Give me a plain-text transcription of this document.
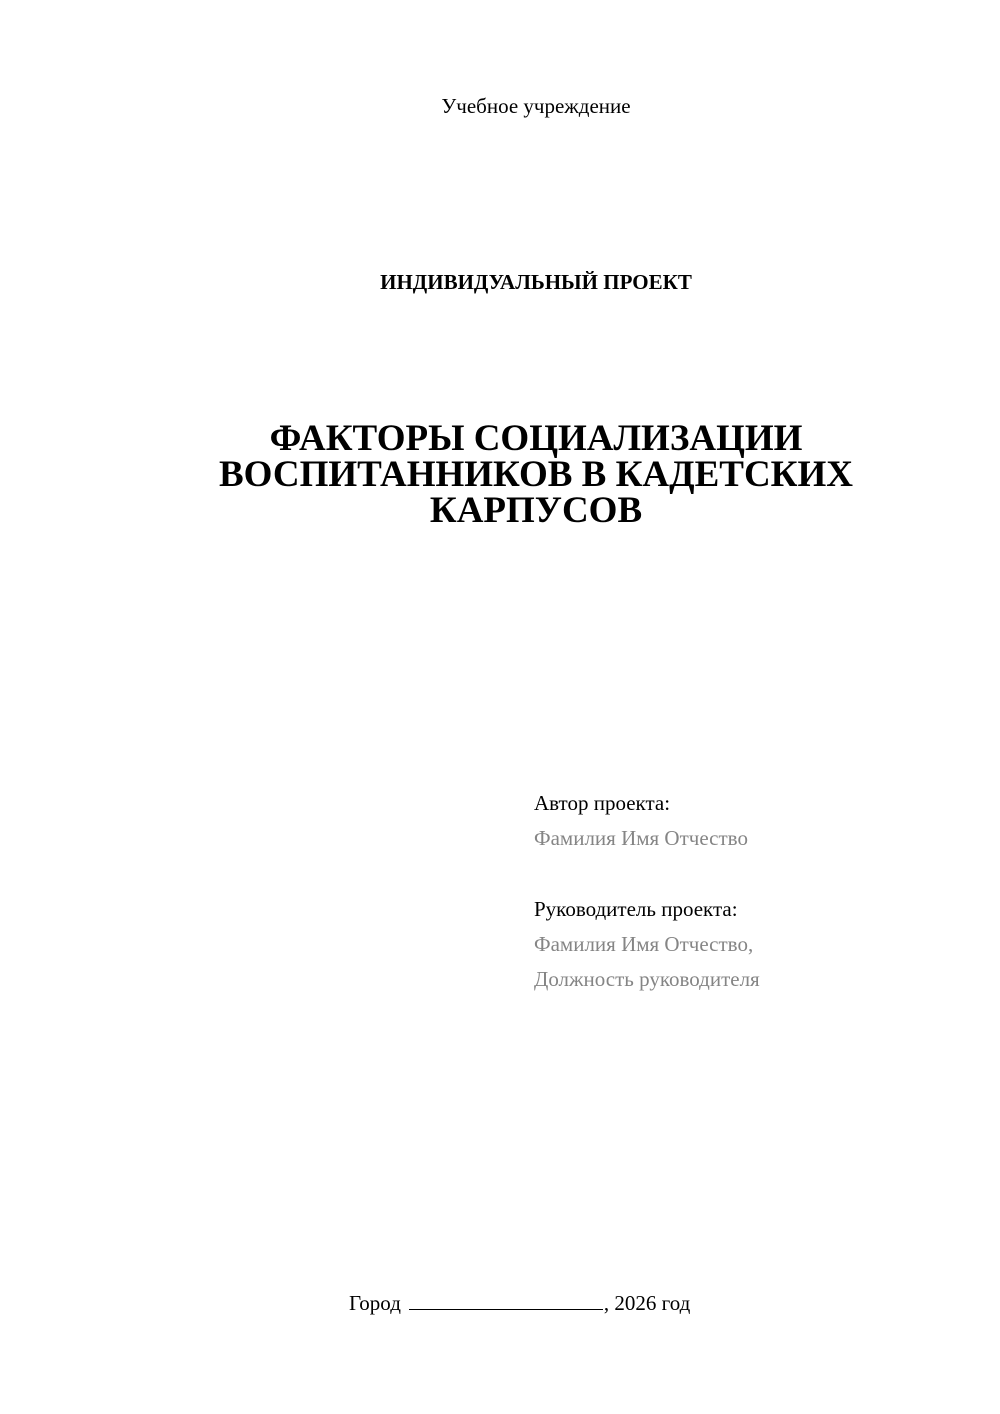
Учебное учреждение
ИНДИВИДУАЛЬНЫЙ ПРОЕКТ
ФАКТОРЫ СОЦИАЛИЗАЦИИ
ВОСПИТАННИКОВ В КАДЕТСКИХ
КАРПУСОВ
Автор проекта:
Фамилия Имя Отчество
Руководитель проекта:
Фамилия Имя Отчество,
Должность руководителя
Город	, 2026 год
